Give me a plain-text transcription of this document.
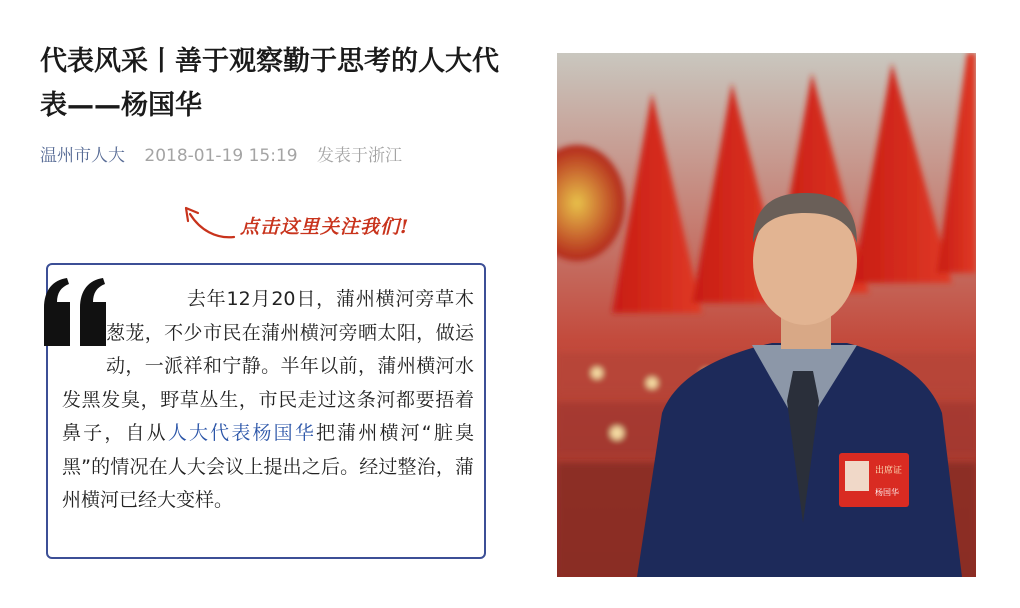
代表风采丨善于观察勤于思考的人大代表——杨国华
温州市人大 2018-01-19 15:19 发表于浙江
点击这里关注我们!

去年12月20日，蒲州横河旁草木葱茏，不少市民在蒲州横河旁晒太阳，做运动，一派祥和宁静。半年以前，蒲州横河水发黑发臭，野草丛生，市民走过这条河都要捂着鼻子，自从人大代表杨国华把蒲州横河“脏臭黑”的情况在人大会议上提出之后。经过整治，蒲州横河已经大变样。

出席证
杨国华
